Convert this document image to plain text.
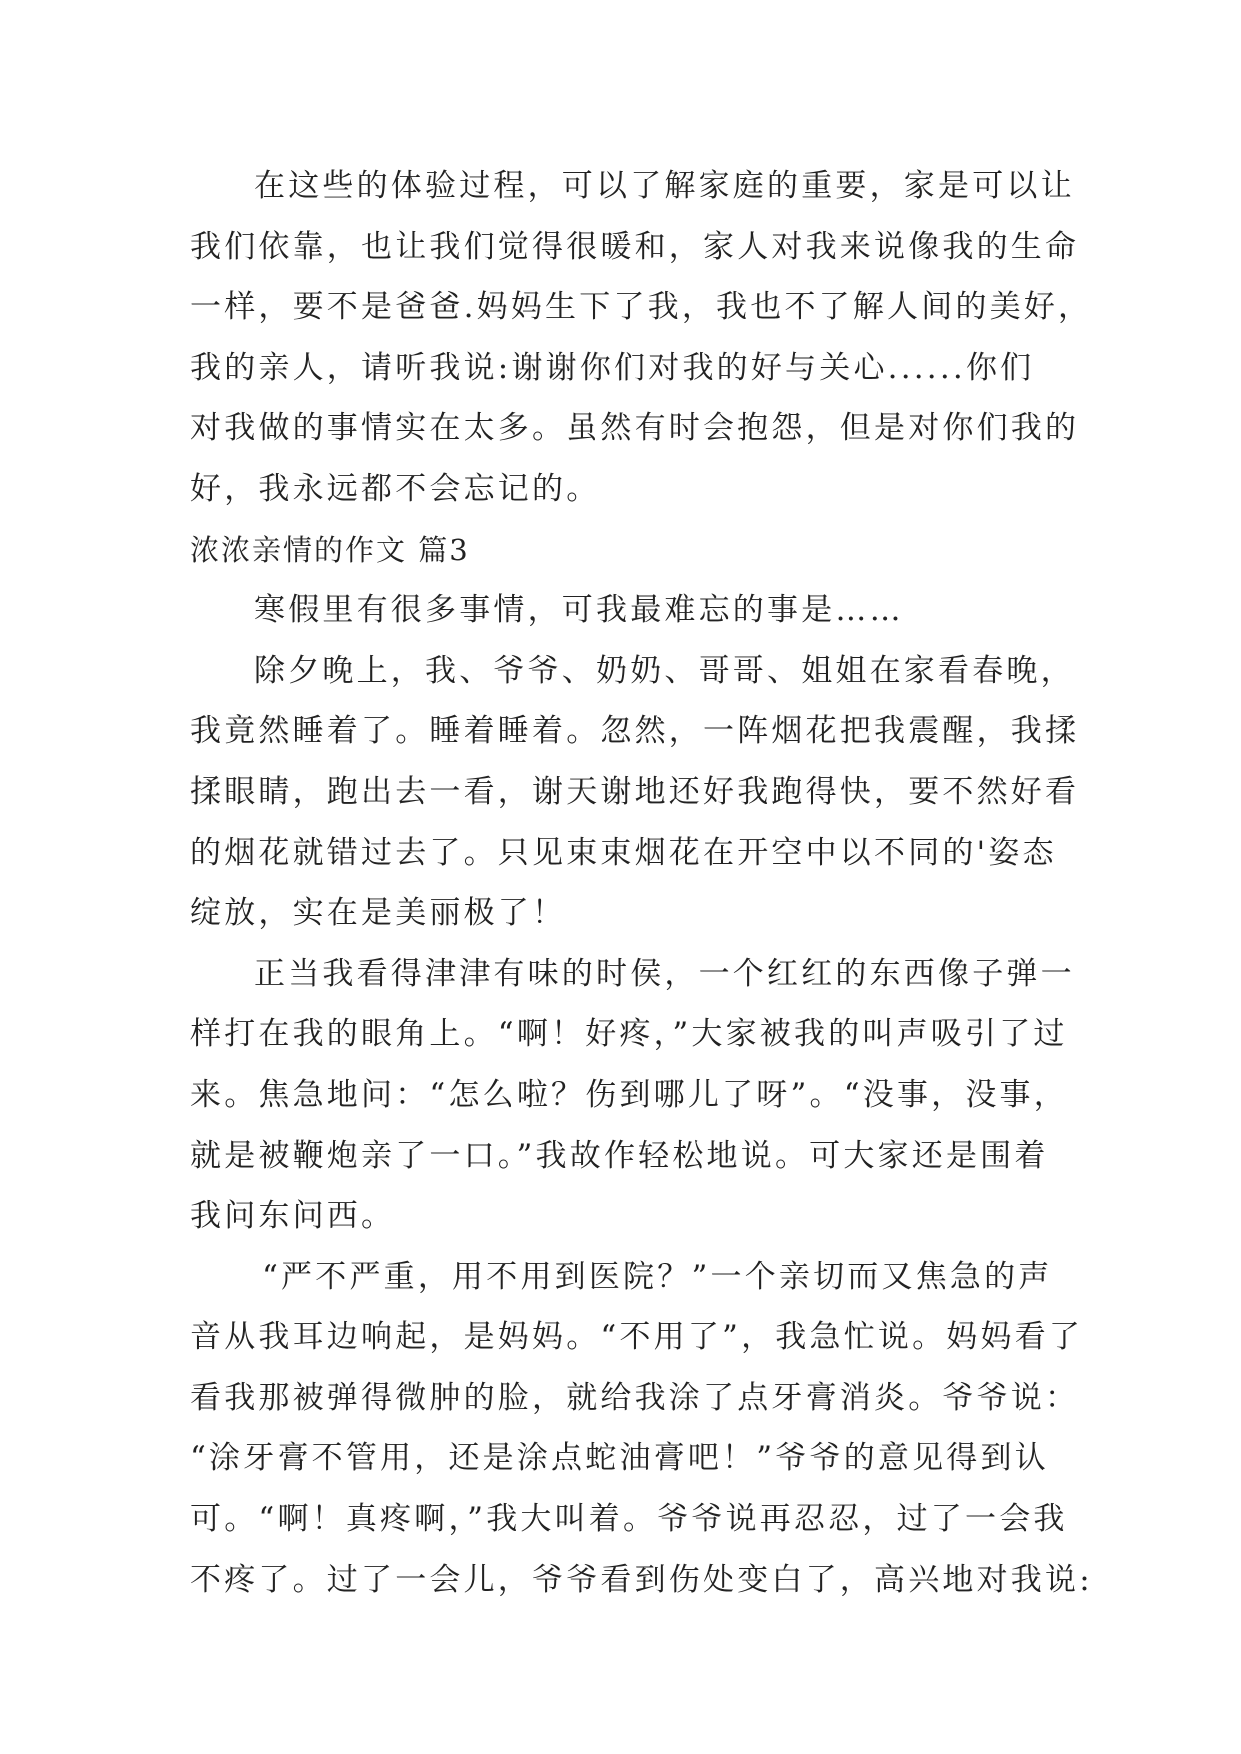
在这些的体验过程，可以了解家庭的重要，家是可以让
我们依靠，也让我们觉得很暖和，家人对我来说像我的生命
一样，要不是爸爸.妈妈生下了我，我也不了解人间的美好，
我的亲人，请听我说:谢谢你们对我的好与关心......你们
对我做的事情实在太多。虽然有时会抱怨，但是对你们我的
好，我永远都不会忘记的。
浓浓亲情的作文 篇3
寒假里有很多事情，可我最难忘的事是……
除夕晚上，我、爷爷、奶奶、哥哥、姐姐在家看春晚，
我竟然睡着了。睡着睡着。忽然，一阵烟花把我震醒，我揉
揉眼睛，跑出去一看，谢天谢地还好我跑得快，要不然好看
的烟花就错过去了。只见束束烟花在开空中以不同的'姿态
绽放，实在是美丽极了！
正当我看得津津有味的时侯，一个红红的东西像子弹一
样打在我的眼角上。“啊！好疼，”大家被我的叫声吸引了过
来。焦急地问：“怎么啦？伤到哪儿了呀”。“没事，没事，
就是被鞭炮亲了一口。”我故作轻松地说。可大家还是围着
我问东问西。
“严不严重，用不用到医院？”一个亲切而又焦急的声
音从我耳边响起，是妈妈。“不用了”，我急忙说。妈妈看了
看我那被弹得微肿的脸，就给我涂了点牙膏消炎。爷爷说：
“涂牙膏不管用，还是涂点蛇油膏吧！”爷爷的意见得到认
可。“啊！真疼啊，”我大叫着。爷爷说再忍忍，过了一会我
不疼了。过了一会儿，爷爷看到伤处变白了，高兴地对我说:
